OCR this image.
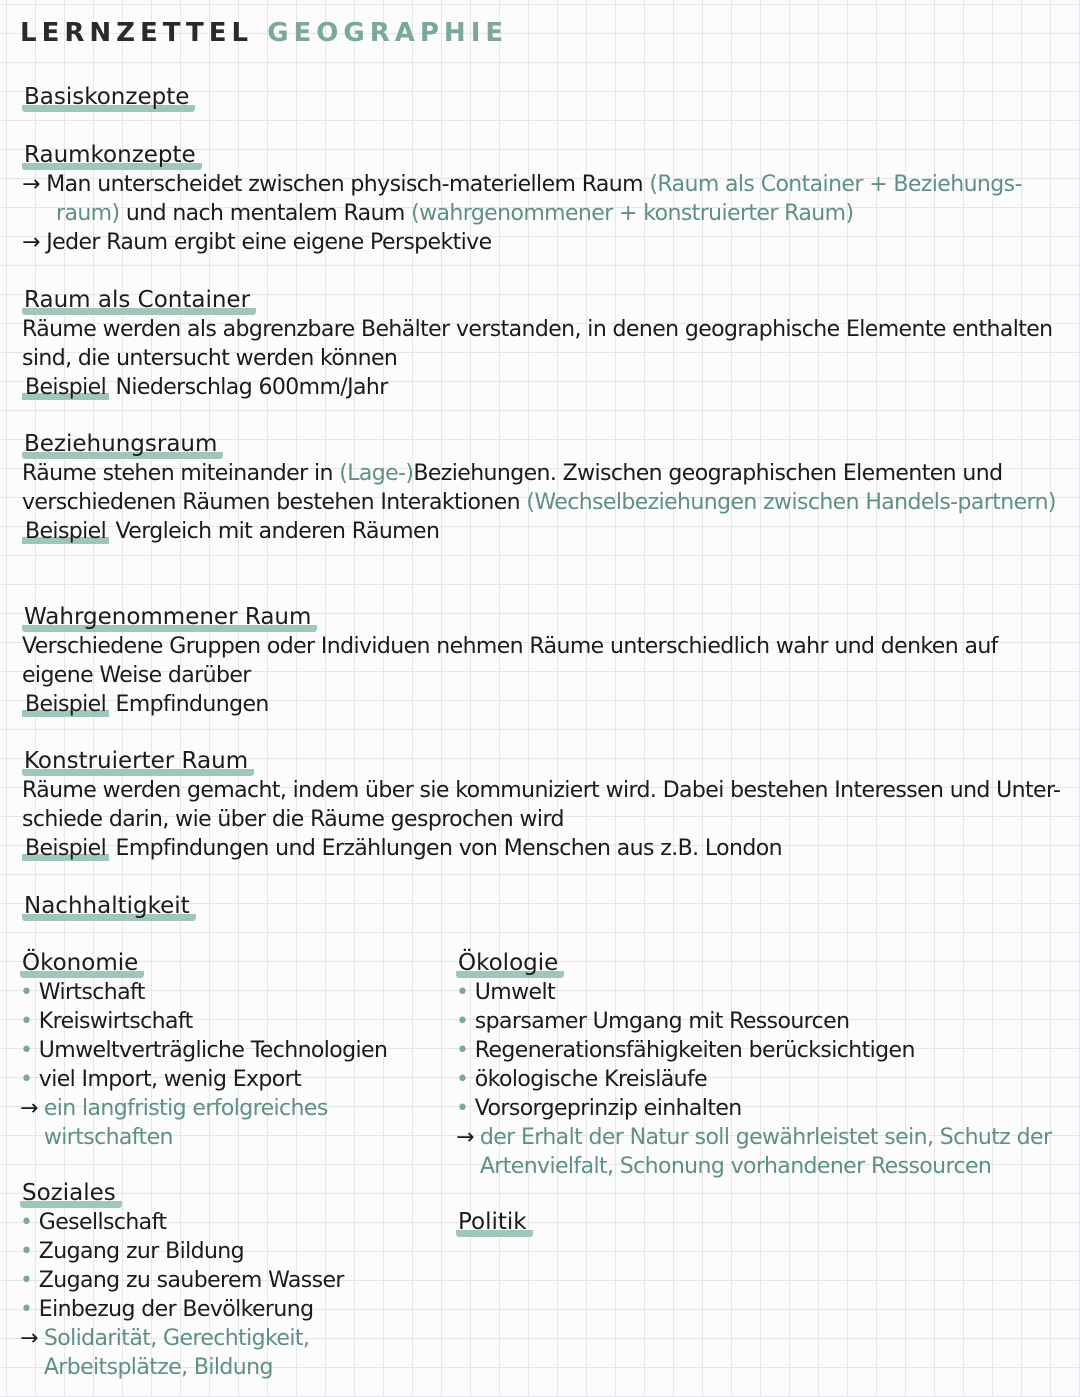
LERNZETTEL GEOGRAPHIE
Basiskonzepte
Raumkonzepte

→ Man unterscheidet zwischen physisch-materiellem Raum (Raum als Container + Beziehungs-

raum) und nach mentalem Raum (wahrgenommener + konstruierter Raum)

→ Jeder Raum ergibt eine eigene Perspektive

Raum als Container

Räume werden als abgrenzbare Behälter verstanden, in denen geographische Elemente enthalten sind, die untersucht werden können

Beispiel Niederschlag 600mm/Jahr

Beziehungsraum

Räume stehen miteinander in (Lage-)Beziehungen. Zwischen geographischen Elementen und verschiedenen Räumen bestehen Interaktionen (Wechselbeziehungen zwischen Handels-partnern)

Beispiel Vergleich mit anderen Räumen

Wahrgenommener Raum

Verschiedene Gruppen oder Individuen nehmen Räume unterschiedlich wahr und denken auf eigene Weise darüber

Beispiel Empfindungen

Konstruierter Raum

Räume werden gemacht, indem über sie kommuniziert wird. Dabei bestehen Interessen und Unter-schiede darin, wie über die Räume gesprochen wird

Beispiel Empfindungen und Erzählungen von Menschen aus z.B. London

Nachhaltigkeit
Ökonomie
• Wirtschaft
• Kreiswirtschaft
• Umweltverträgliche Technologien
• viel Import, wenig Export
→ ein langfristig erfolgreiches wirtschaften
Ökologie
• Umwelt
• sparsamer Umgang mit Ressourcen
• Regenerationsfähigkeiten berücksichtigen
• ökologische Kreisläufe
• Vorsorgeprinzip einhalten
→ der Erhalt der Natur soll gewährleistet sein, Schutz der Artenvielfalt, Schonung vorhandener Ressourcen
Soziales
• Gesellschaft
• Zugang zur Bildung
• Zugang zu sauberem Wasser
• Einbezug der Bevölkerung
→ Solidarität, Gerechtigkeit, Arbeitsplätze, Bildung
Politik
